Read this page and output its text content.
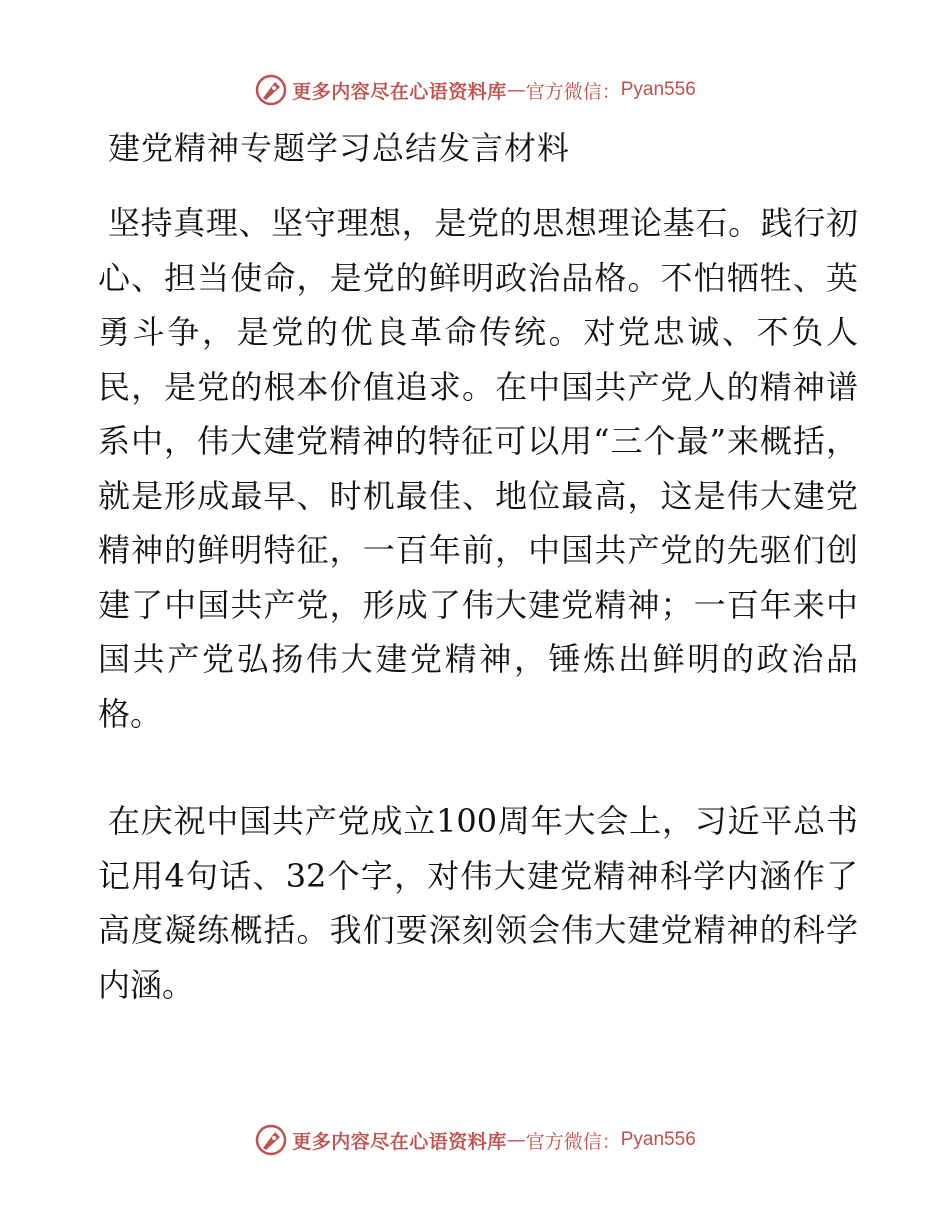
更多内容尽在心语资料库 — 官方微信： Pyan556
建党精神专题学习总结发言材料

坚持真理、坚守理想，是党的思想理论基石。践行初心、担当使命，是党的鲜明政治品格。不怕牺牲、英勇斗争，是党的优良革命传统。对党忠诚、不负人民，是党的根本价值追求。在中国共产党人的精神谱系中，伟大建党精神的特征可以用“三个最”来概括，就是形成最早、时机最佳、地位最高，这是伟大建党精神的鲜明特征，一百年前，中国共产党的先驱们创建了中国共产党，形成了伟大建党精神；一百年来中国共产党弘扬伟大建党精神，锤炼出鲜明的政治品格。

在庆祝中国共产党成立100周年大会上，习近平总书记用4句话、32个字，对伟大建党精神科学内涵作了高度凝练概括。我们要深刻领会伟大建党精神的科学内涵。

更多内容尽在心语资料库 — 官方微信： Pyan556
